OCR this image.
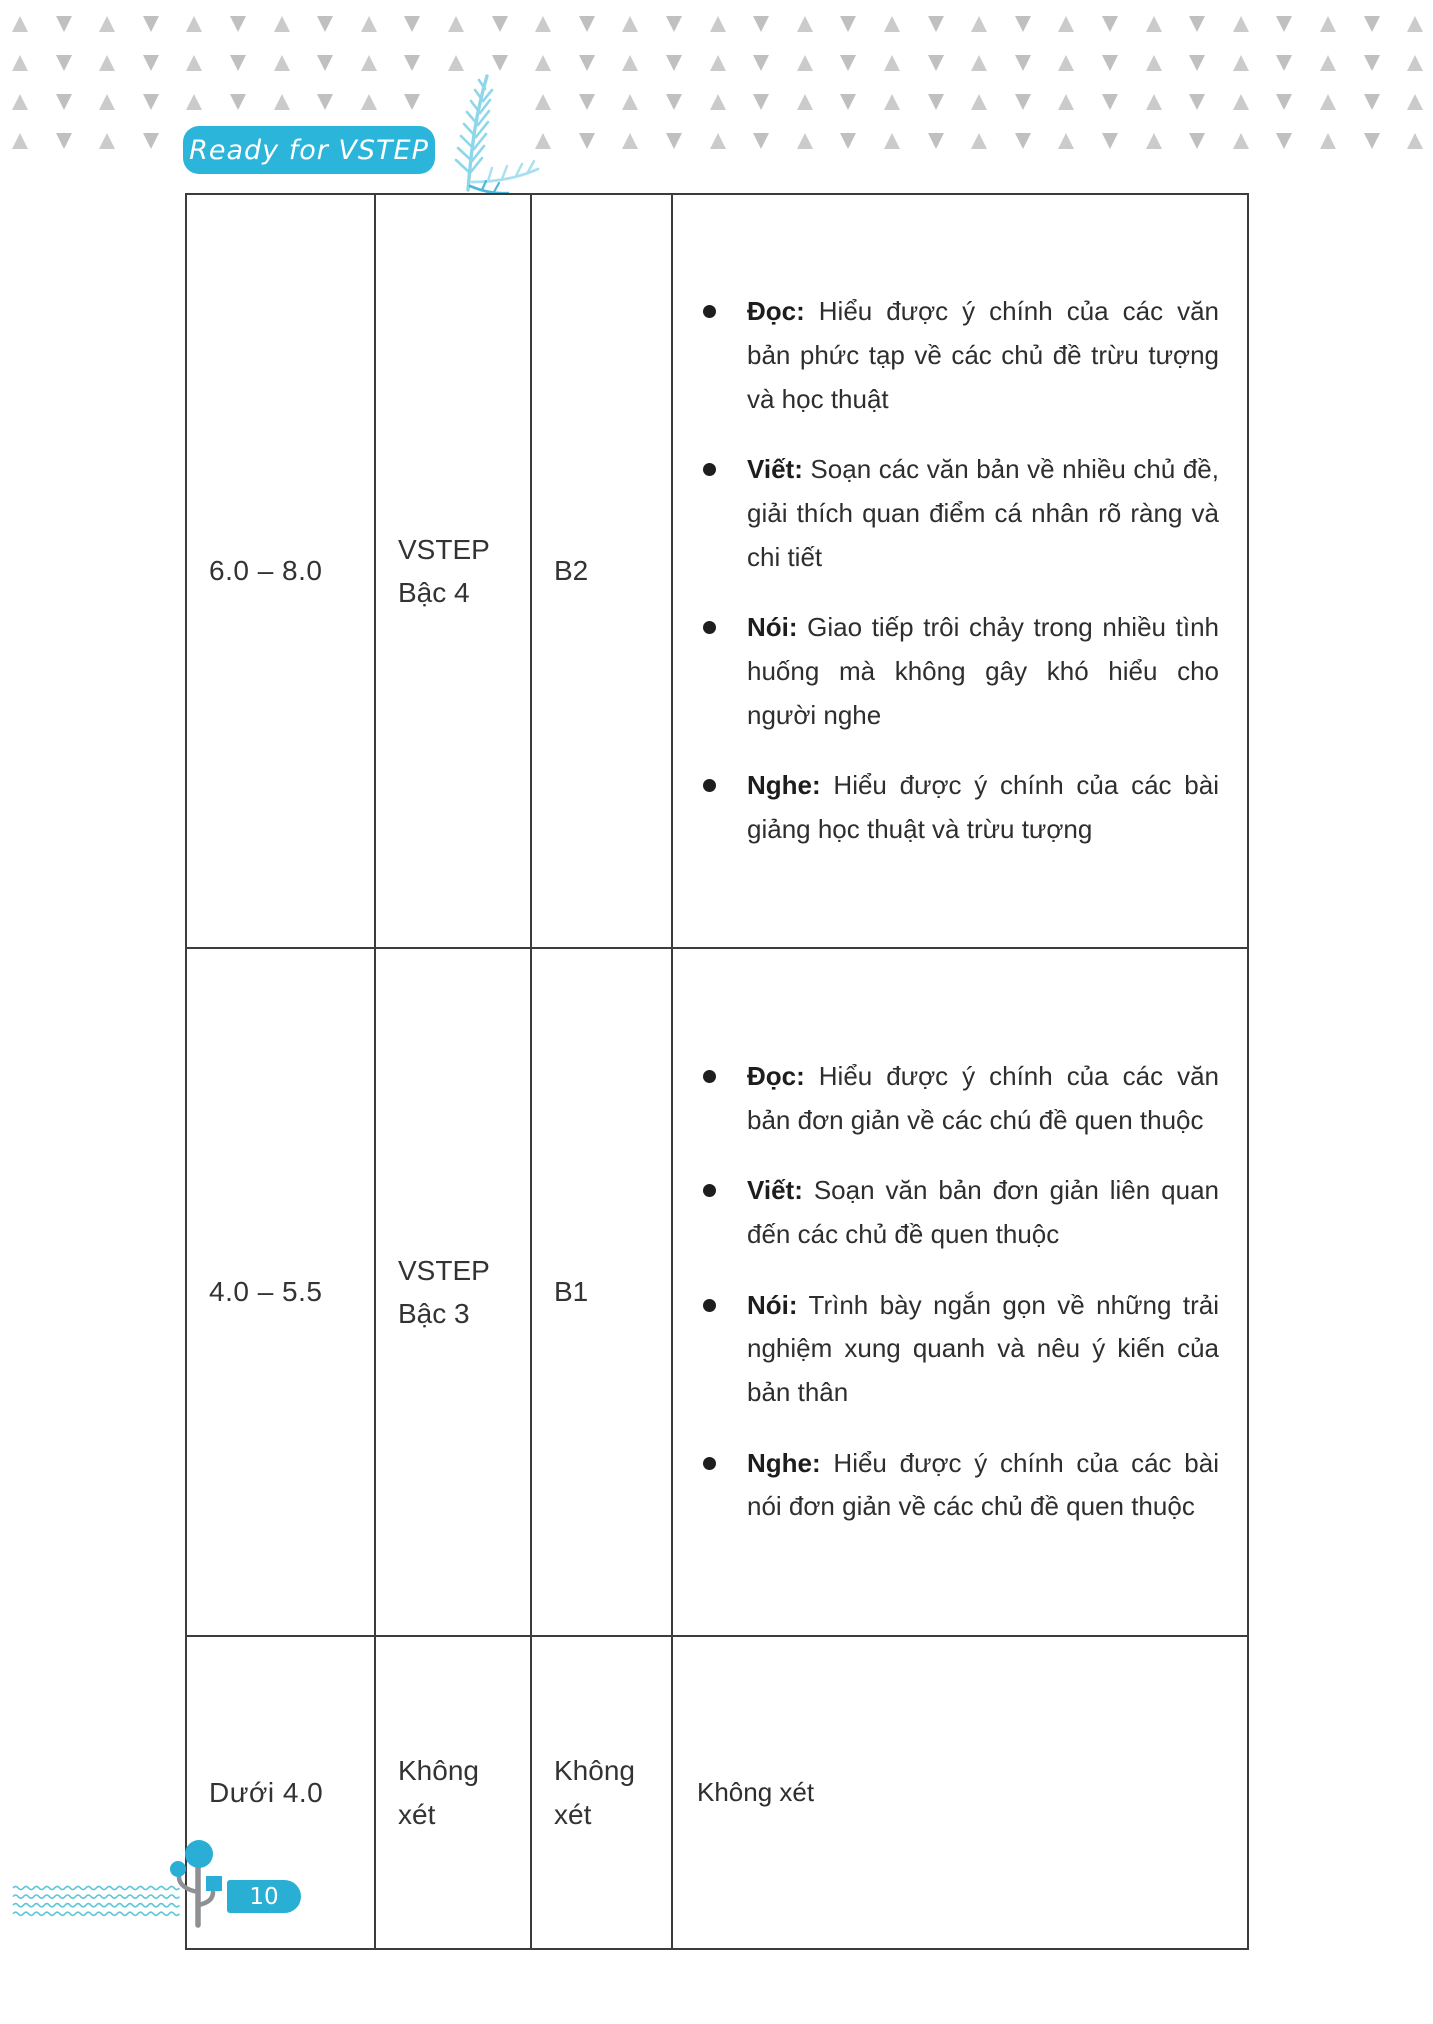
Ready for VSTEP
6.0 – 8.0	VSTEP Bậc 4	B2	
Đọc: Hiểu được ý chính của các văn bản phức tạp về các chủ đề trừu tượng và học thuật
Viết: Soạn các văn bản về nhiều chủ đề, giải thích quan điểm cá nhân rõ ràng và chi tiết
Nói: Giao tiếp trôi chảy trong nhiều tình huống mà không gây khó hiểu cho người nghe
Nghe: Hiểu được ý chính của các bài giảng học thuật và trừu tượng

4.0 – 5.5	VSTEP Bậc 3	B1	
Đọc: Hiểu được ý chính của các văn bản đơn giản về các chú đề quen thuộc
Viết: Soạn văn bản đơn giản liên quan đến các chủ đề quen thuộc
Nói: Trình bày ngắn gọn về những trải nghiệm xung quanh và nêu ý kiến của bản thân
Nghe: Hiểu được ý chính của các bài nói đơn giản về các chủ đề quen thuộc

Dưới 4.0	Không xét	Không xét	Không xét
10
